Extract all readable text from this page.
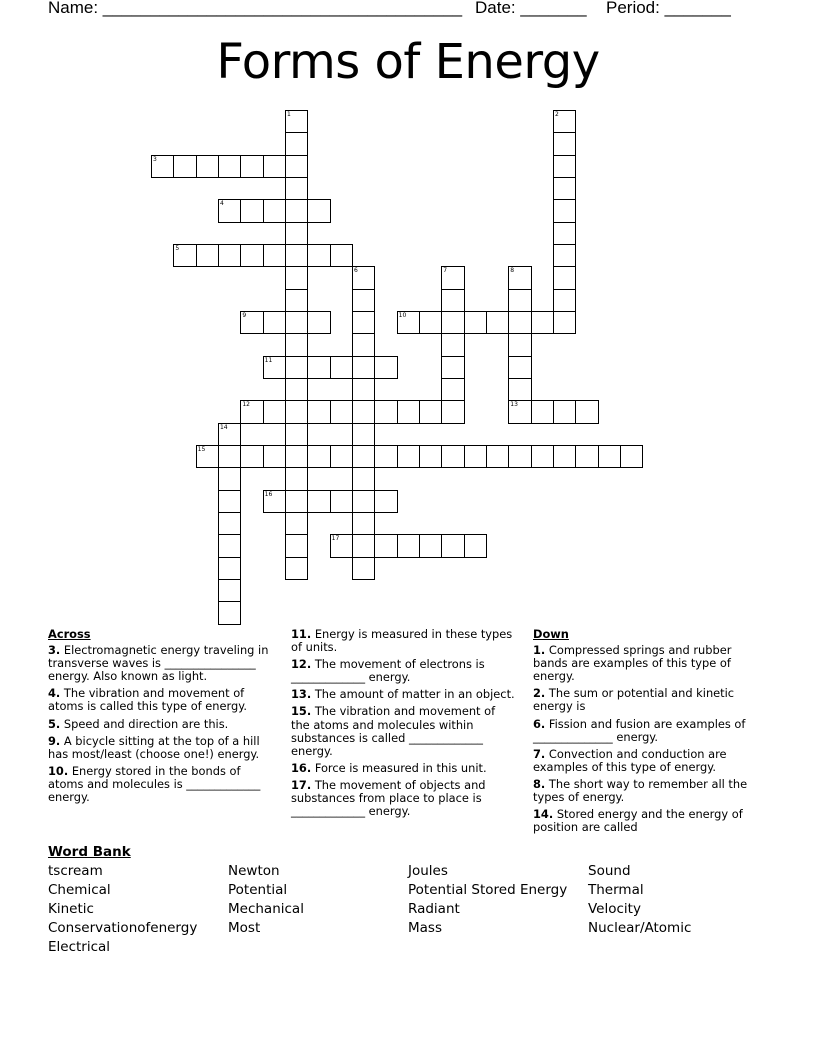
Name: ______________________________________ Date: _______ Period: _______
Forms of Energy
1	2
3
4
5
6	7	8
13
9	10
11
12
14
15
16
17
Across
3. Electromagnetic energy traveling in transverse waves is ________________ energy. Also known as light.
4. The vibration and movement of atoms is called this type of energy.
5. Speed and direction are this.
9. A bicycle sitting at the top of a hill has most/least (choose one!) energy.
10. Energy stored in the bonds of atoms and molecules is _____________ energy.
11. Energy is measured in these types of units.
12. The movement of electrons is _____________ energy.
13. The amount of matter in an object.
15. The vibration and movement of the atoms and molecules within substances is called _____________ energy.
16. Force is measured in this unit.
17. The movement of objects and substances from place to place is _____________ energy.
Down
1. Compressed springs and rubber bands are examples of this type of energy.
2. The sum or potential and kinetic energy is
6. Fission and fusion are examples of ______________ energy.
7. Convection and conduction are examples of this type of energy.
8. The short way to remember all the types of energy.
14. Stored energy and the energy of position are called
Word Bank
tscream	Newton	Joules	Sound
Chemical	Potential	Potential Stored Energy	Thermal
Kinetic	Mechanical	Radiant	Velocity
Conservationofenergy	Most	Mass	Nuclear/Atomic
Electrical
